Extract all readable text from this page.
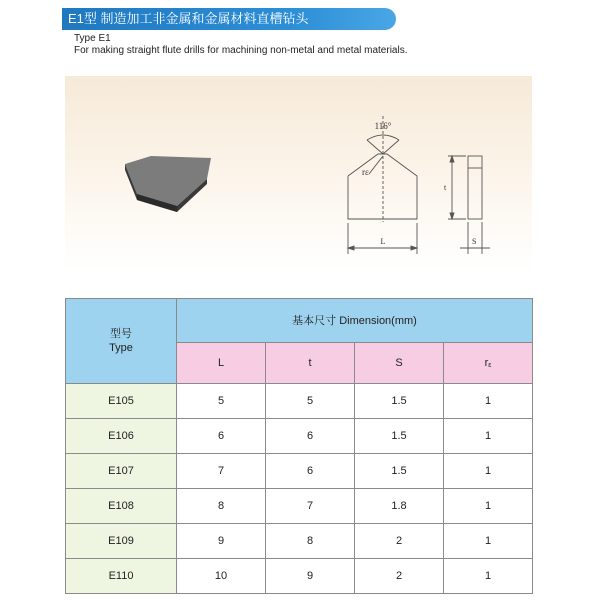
E1型 制造加工非金属和金属材料直槽钻头
Type E1
For making straight flute drills for machining non-metal and metal materials.
116°
rε
L
t
S
型号
Type	基本尺寸 Dimension(mm)			
	L	t	S	rε
E105	5	5	1.5	1
E106	6	6	1.5	1
E107	7	6	1.5	1
E108	8	7	1.8	1
E109	9	8	2	1
E110	10	9	2	1
